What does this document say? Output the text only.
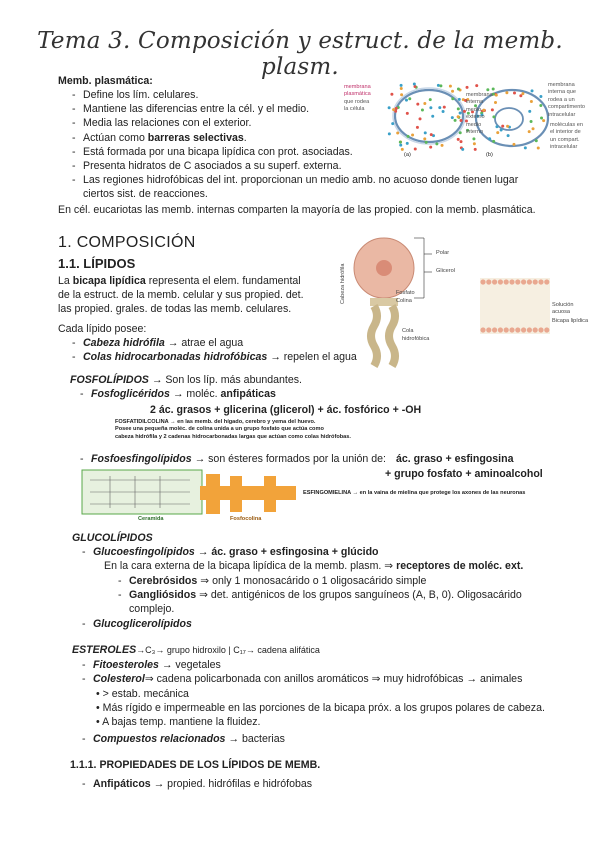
Tema 3. Composición y estruct. de la memb. plasm.
Memb. plasmática:
- Define los lím. celulares.
- Mantiene las diferencias entre la cél. y el medio.
- Media las relaciones con el exterior.
- Actúan como barreras selectivas.
- Está formada por una bicapa lipídica con prot. asociadas.
- Presenta hidratos de C asociados a su superf. externa.
- Las regiones hidrofóbicas del int. proporcionan un medio amb. no acuoso donde tienen lugar
ciertos sist. de reacciones.
En cél. eucariotas las memb. internas comparten la mayoría de las propied. con la memb. plasmática.
membrana
plasmática
que rodea
la célula
membrana
interna
medio
externo
medio
interno
membrana
interna que
rodea a un
compartimento
intracelular
moléculas en
el interior de
un compart.
intracelular
(a)	(b)
1. COMPOSICIÓN
1.1. LÍPIDOS
La bicapa lipídica representa el elem. fundamental
de la estruct. de la memb. celular y sus propied. det.
las propied. grales. de todas las memb. celulares.
Cada lípido posee:
- Cabeza hidrófila → atrae el agua
- Colas hidrocarbonadas hidrofóbicas → repelen el agua
Cabeza hidrófila
Polar
Glicerol
Fosfato
Colina
Cola
hidrofóbica
Solución acuosa
Bicapa lipídica
FOSFOLÍPIDOS → Son los líp. más abundantes.
- Fosfoglicéridos → moléc. anfipáticas
2 ác. grasos + glicerina (glicerol) + ác. fosfórico + -OH
FOSFATIDILCOLINA → en las memb. del hígado, cerebro y yema del huevo.
Posee una pequeña moléc. de colina unida a un grupo fosfato que actúa como
cabeza hidrófila y 2 cadenas hidrocarbonadas largas que actúan como colas hidrófobas.
- Fosfoesfingolípidos → son ésteres formados por la unión de: ác. graso + esfingosina
+ grupo fosfato + aminoalcohol
ESFINGOMIELINA → en la vaina de mielina que protege los axones de las neuronas
Ceramida	Fosfocolina
GLUCOLÍPIDOS
- Glucoesfingolípidos → ác. graso + esfingosina + glúcido
En la cara externa de la bicapa lipídica de la memb. plasm. ⇒ receptores de moléc. ext.
- Cerebrósidos ⇒ only 1 monosacárido o 1 oligosacárido simple
- Gangliósidos ⇒ det. antigénicos de los grupos sanguíneos (A, B, 0). Oligosacárido
complejo.
- Glucoglicerolípidos
ESTEROLES→C₃→ grupo hidroxilo | C₁₇→ cadena alifática
- Fitoesteroles → vegetales
- Colesterol⇒ cadena policarbonada con anillos aromáticos ⇒ muy hidrofóbicas → animales
• > estab. mecánica
• Más rígido e impermeable en las porciones de la bicapa próx. a los grupos polares de cabeza.
• A bajas temp. mantiene la fluidez.
- Compuestos relacionados → bacterias
1.1.1. PROPIEDADES DE LOS LÍPIDOS DE MEMB.
- Anfipáticos → propied. hidrófilas e hidrófobas
